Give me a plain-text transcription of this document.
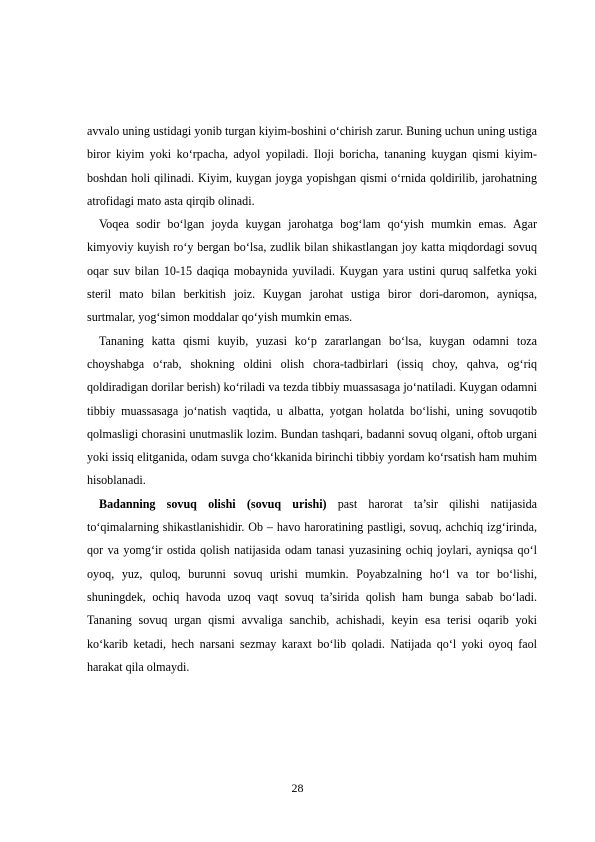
avvalo uning ustidagi yonib turgan kiyim-boshini o‘chirish zarur. Buning uchun uning ustiga biror kiyim yoki ko‘rpacha, adyol yopiladi. Iloji boricha, tananing kuygan qismi kiyim-boshdan holi qilinadi. Kiyim, kuygan joyga yopishgan qismi o‘rnida qoldirilib, jarohatning atrofidagi mato asta qirqib olinadi.

Voqea sodir bo‘lgan joyda kuygan jarohatga bog‘lam qo‘yish mumkin emas. Agar kimyoviy kuyish ro‘y bergan bo‘lsa, zudlik bilan shikastlangan joy katta miqdordagi sovuq oqar suv bilan 10-15 daqiqa mobaynida yuviladi. Kuygan yara ustini quruq salfetka yoki steril mato bilan berkitish joiz. Kuygan jarohat ustiga biror dori-daromon, ayniqsa, surtmalar, yog‘simon moddalar qo‘yish mumkin emas.

Tananing katta qismi kuyib, yuzasi ko‘p zararlangan bo‘lsa, kuygan odamni toza choyshabga o‘rab, shokning oldini olish chora-tadbirlari (issiq choy, qahva, og‘riq qoldiradigan dorilar berish) ko‘riladi va tezda tibbiy muassasaga jo‘natiladi. Kuygan odamni tibbiy muassasaga jo‘natish vaqtida, u albatta, yotgan holatda bo‘lishi, uning sovuqotib qolmasligi chorasini unutmaslik lozim. Bundan tashqari, badanni sovuq olgani, oftob urgani yoki issiq elitganida, odam suvga cho‘kkanida birinchi tibbiy yordam ko‘rsatish ham muhim hisoblanadi.

Badanning sovuq olishi (sovuq urishi) past harorat ta’sir qilishi natijasida to‘qimalarning shikastlanishidir. Ob – havo haroratining pastligi, sovuq, achchiq izg‘irinda, qor va yomg‘ir ostida qolish natijasida odam tanasi yuzasining ochiq joylari, ayniqsa qo‘l oyoq, yuz, quloq, burunni sovuq urishi mumkin. Poyabzalning ho‘l va tor bo‘lishi, shuningdek, ochiq havoda uzoq vaqt sovuq ta’sirida qolish ham bunga sabab bo‘ladi. Tananing sovuq urgan qismi avvaliga sanchib, achishadi, keyin esa terisi oqarib yoki ko‘karib ketadi, hech narsani sezmay karaxt bo‘lib qoladi. Natijada qo‘l yoki oyoq faol harakat qila olmaydi.

28
